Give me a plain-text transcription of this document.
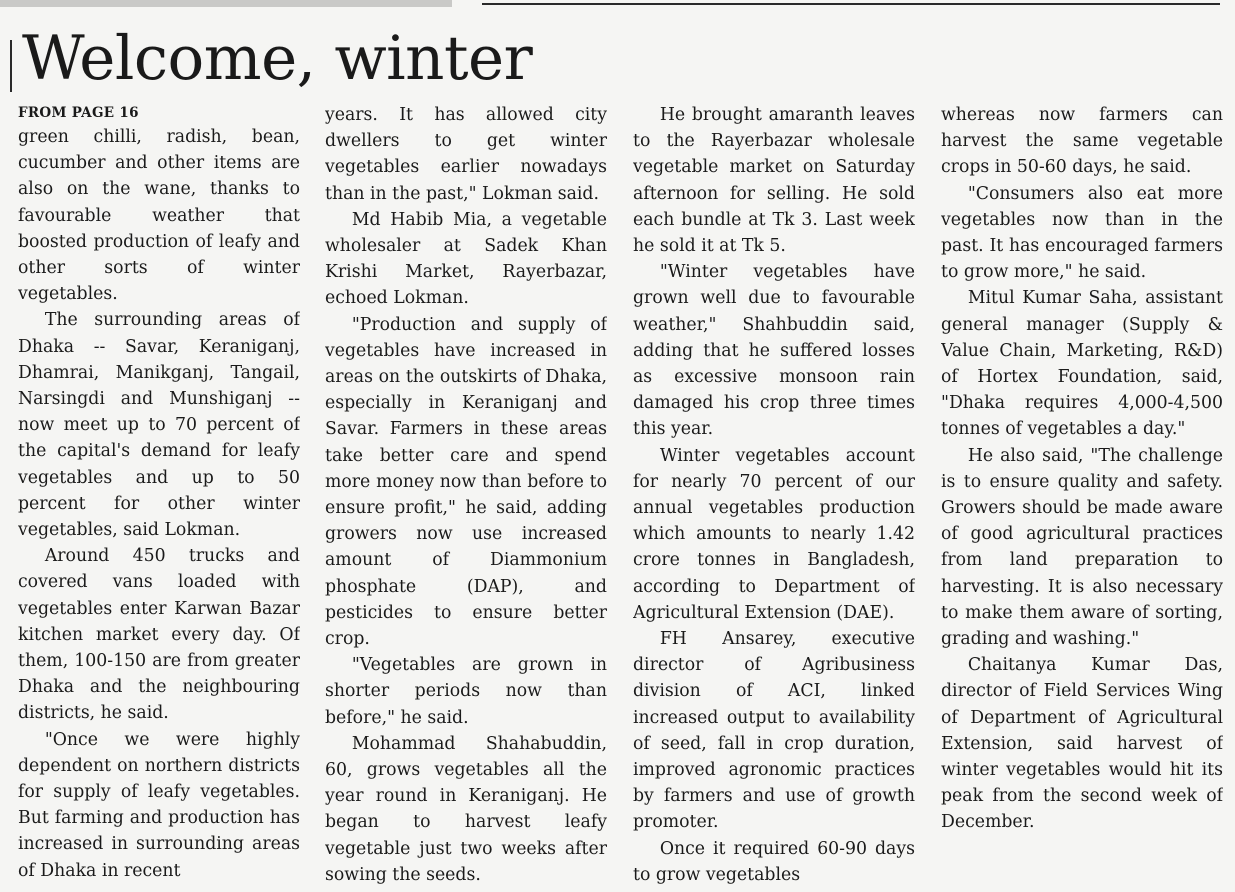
Welcome, winter
FROM PAGE 16

green chilli, radish, bean, cucumber and other items are also on the wane, thanks to favourable weather that boosted production of leafy and other sorts of winter vegetables.

The surrounding areas of Dhaka -- Savar, Keraniganj, Dhamrai, Manikganj, Tangail, Narsingdi and Munshiganj -- now meet up to 70 percent of the capital's demand for leafy vegetables and up to 50 percent for other winter vegetables, said Lokman.

Around 450 trucks and covered vans loaded with vegetables enter Karwan Bazar kitchen market every day. Of them, 100-150 are from greater Dhaka and the neighbouring districts, he said.

"Once we were highly dependent on northern districts for supply of leafy vegetables. But farming and production has increased in surrounding areas of Dhaka in recent

years. It has allowed city dwellers to get winter vegetables earlier nowadays than in the past," Lokman said.

Md Habib Mia, a vegetable wholesaler at Sadek Khan Krishi Market, Rayerbazar, echoed Lokman.

"Production and supply of vegetables have increased in areas on the outskirts of Dhaka, especially in Keraniganj and Savar. Farmers in these areas take better care and spend more money now than before to ensure profit," he said, adding growers now use increased amount of Diammonium phosphate (DAP), and pesticides to ensure better crop.

"Vegetables are grown in shorter periods now than before," he said.

Mohammad Shahabuddin, 60, grows vegetables all the year round in Keraniganj. He began to harvest leafy vegetable just two weeks after sowing the seeds.

He brought amaranth leaves to the Rayerbazar wholesale vegetable market on Saturday afternoon for selling. He sold each bundle at Tk 3. Last week he sold it at Tk 5.

"Winter vegetables have grown well due to favourable weather," Shahbuddin said, adding that he suffered losses as excessive monsoon rain damaged his crop three times this year.

Winter vegetables account for nearly 70 percent of our annual vegetables production which amounts to nearly 1.42 crore tonnes in Bangladesh, according to Department of Agricultural Extension (DAE).

FH Ansarey, executive director of Agribusiness division of ACI, linked increased output to availability of seed, fall in crop duration, improved agronomic practices by farmers and use of growth promoter.

Once it required 60-90 days to grow vegetables

whereas now farmers can harvest the same vegetable crops in 50-60 days, he said.

"Consumers also eat more vegetables now than in the past. It has encouraged farmers to grow more," he said.

Mitul Kumar Saha, assistant general manager (Supply & Value Chain, Marketing, R&D) of Hortex Foundation, said, "Dhaka requires 4,000-4,500 tonnes of vegetables a day."

He also said, "The challenge is to ensure quality and safety. Growers should be made aware of good agricultural practices from land preparation to harvesting. It is also necessary to make them aware of sorting, grading and washing."

Chaitanya Kumar Das, director of Field Services Wing of Department of Agricultural Extension, said harvest of winter vegetables would hit its peak from the second week of December.
